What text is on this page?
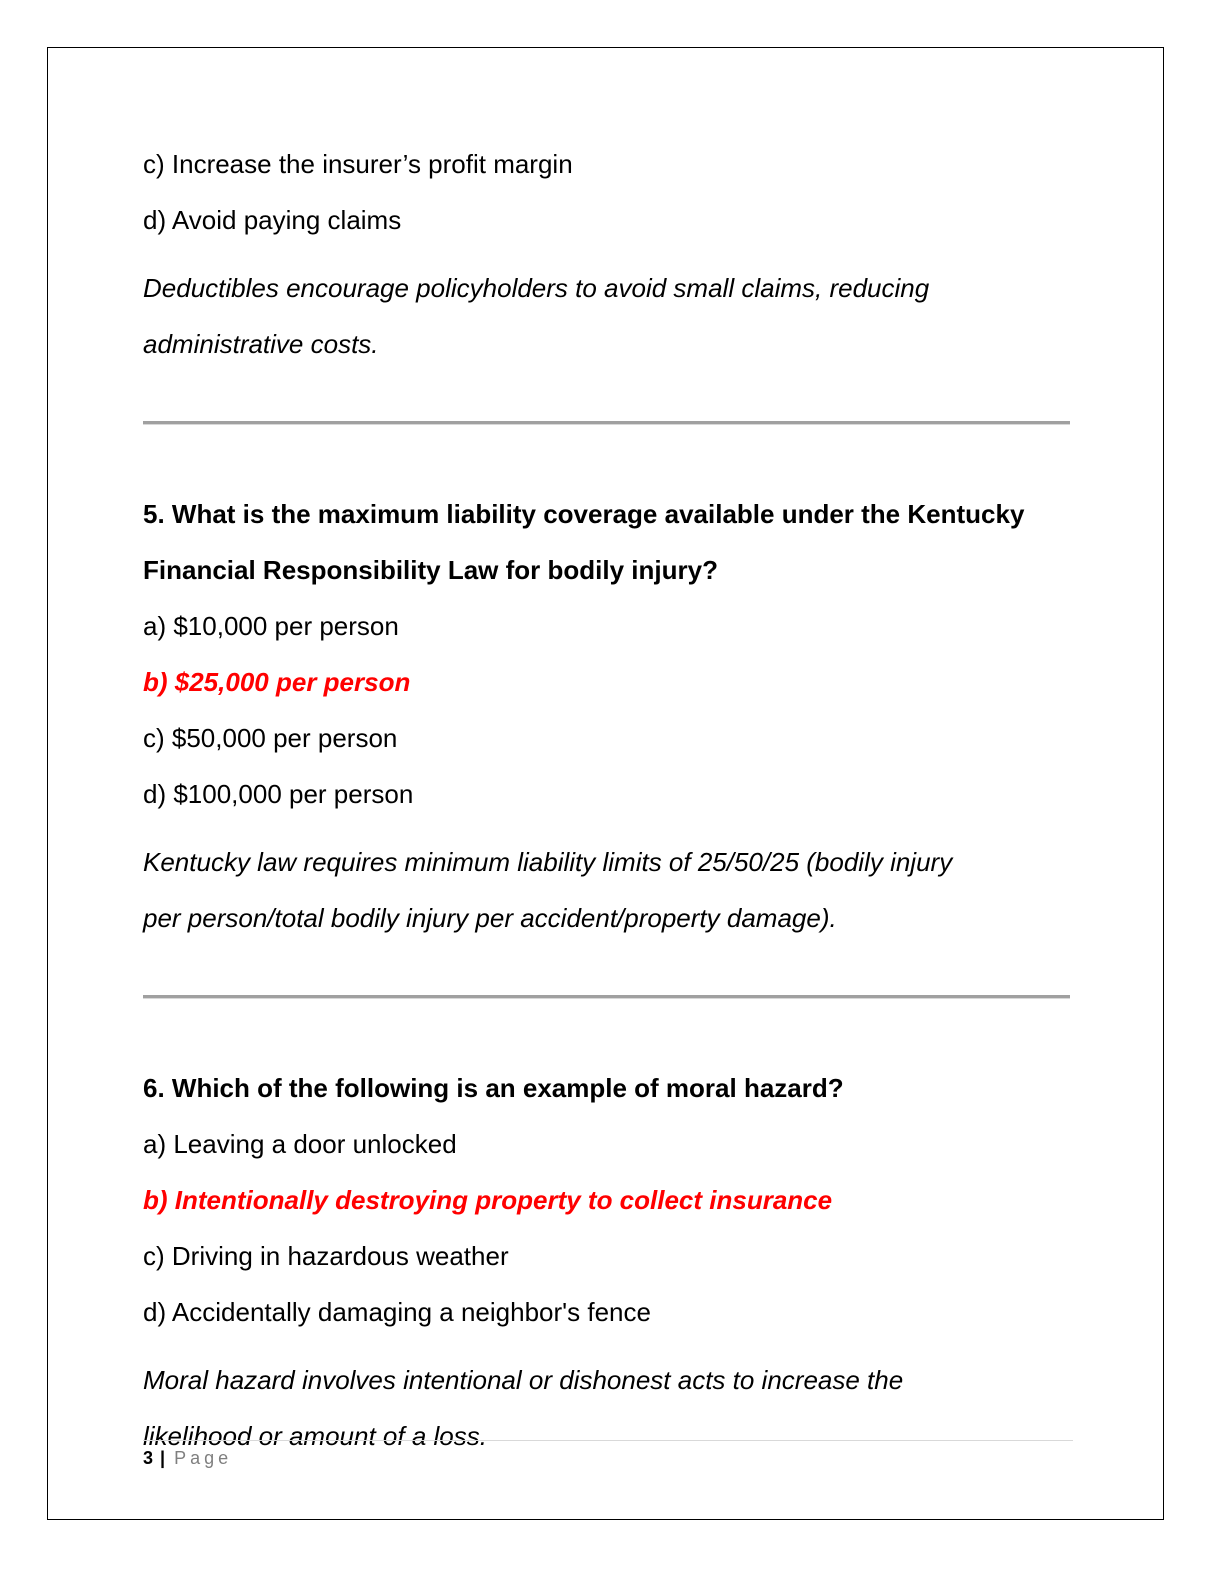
c) Increase the insurer’s profit margin
d) Avoid paying claims
Deductibles encourage policyholders to avoid small claims, reducing
administrative costs.
5. What is the maximum liability coverage available under the Kentucky
Financial Responsibility Law for bodily injury?
a) $10,000 per person
b) $25,000 per person
c) $50,000 per person
d) $100,000 per person
Kentucky law requires minimum liability limits of 25/50/25 (bodily injury
per person/total bodily injury per accident/property damage).
6. Which of the following is an example of moral hazard?
a) Leaving a door unlocked
b) Intentionally destroying property to collect insurance
c) Driving in hazardous weather
d) Accidentally damaging a neighbor's fence
Moral hazard involves intentional or dishonest acts to increase the
likelihood or amount of a loss.
3 | Page
